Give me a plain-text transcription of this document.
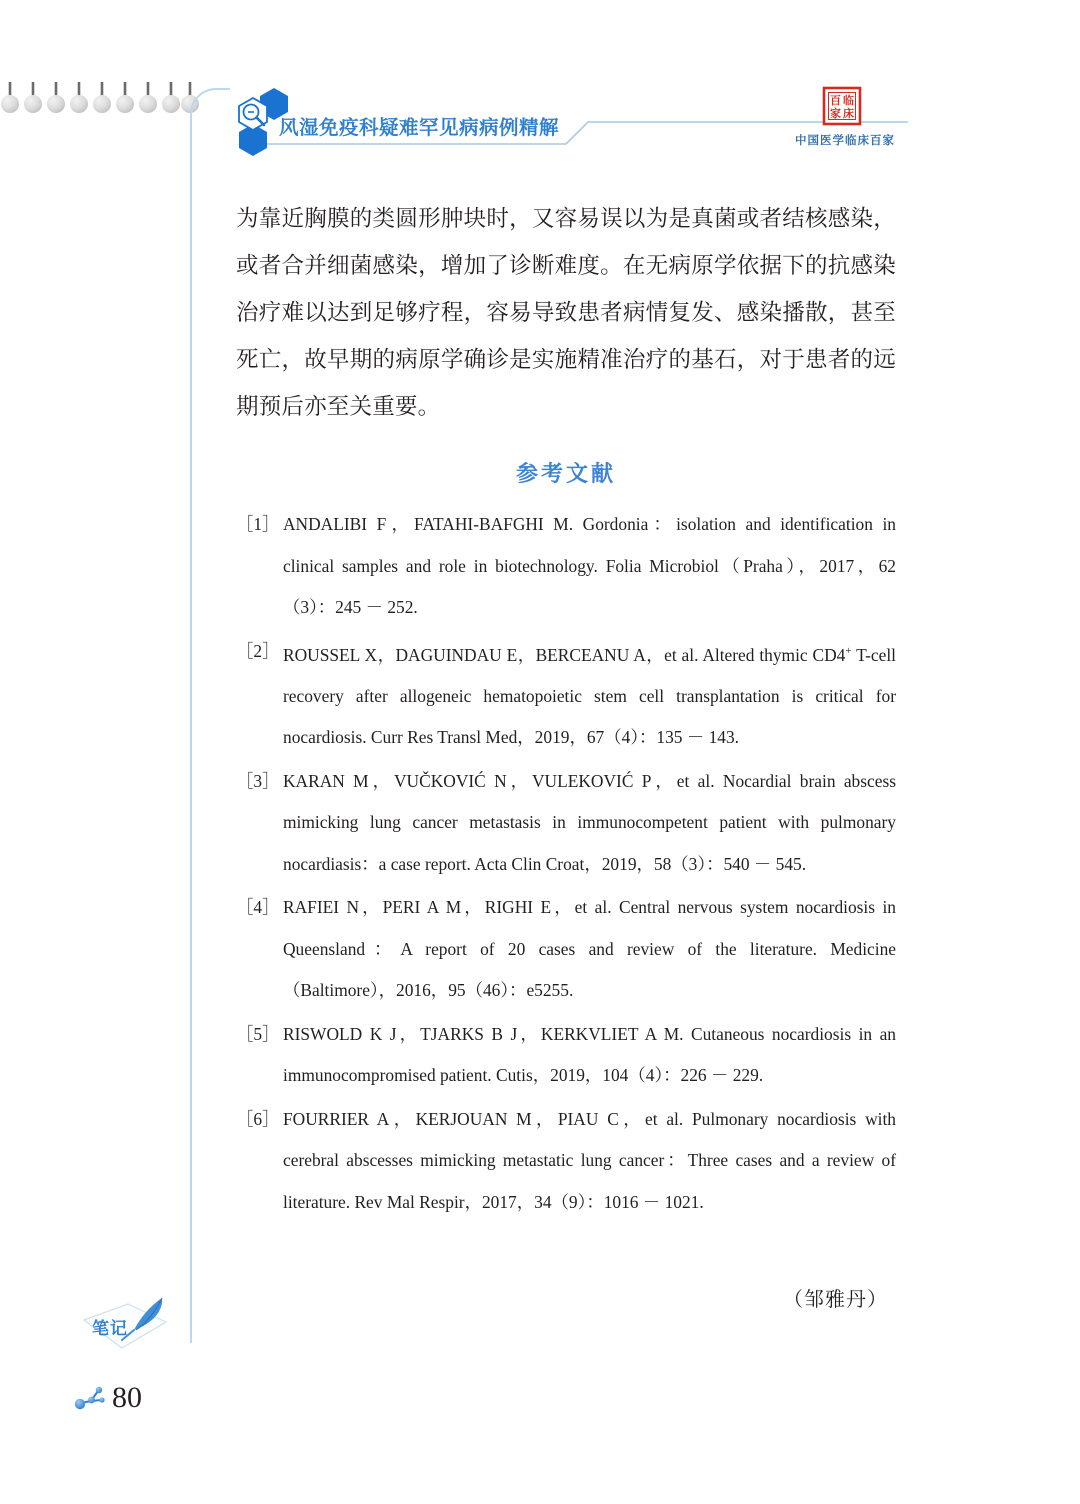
风湿免疫科疑难罕见病病例精解
百 临
家 床
中国医学临床百家

为靠近胸膜的类圆形肿块时，又容易误以为是真菌或者结核感染，或者合并细菌感染，增加了诊断难度。在无病原学依据下的抗感染治疗难以达到足够疗程，容易导致患者病情复发、感染播散，甚至死亡，故早期的病原学确诊是实施精准治疗的基石，对于患者的远期预后亦至关重要。

参考文献
［1］ ANDALIBI F，FATAHI-BAFGHI M. Gordonia：isolation and identification in clinical samples and role in biotechnology. Folia Microbiol（Praha），2017，62（3）：245 － 252.
［2］ ROUSSEL X，DAGUINDAU E，BERCEANU A，et al. Altered thymic CD4+ T-cell recovery after allogeneic hematopoietic stem cell transplantation is critical for nocardiosis. Curr Res Transl Med，2019，67（4）：135 － 143.
［3］ KARAN M，VUČKOVIĆ N，VULEKOVIĆ P，et al. Nocardial brain abscess mimicking lung cancer metastasis in immunocompetent patient with pulmonary nocardiasis：a case report. Acta Clin Croat，2019，58（3）：540 － 545.
［4］ RAFIEI N，PERI A M，RIGHI E，et al. Central nervous system nocardiosis in Queensland：A report of 20 cases and review of the literature. Medicine（Baltimore），2016，95（46）：e5255.
［5］ RISWOLD K J，TJARKS B J，KERKVLIET A M. Cutaneous nocardiosis in an immunocompromised patient. Cutis，2019，104（4）：226 － 229.
［6］ FOURRIER A，KERJOUAN M，PIAU C，et al. Pulmonary nocardiosis with cerebral abscesses mimicking metastatic lung cancer：Three cases and a review of literature. Rev Mal Respir，2017，34（9）：1016 － 1021.
（邹雅丹）
笔记
80
